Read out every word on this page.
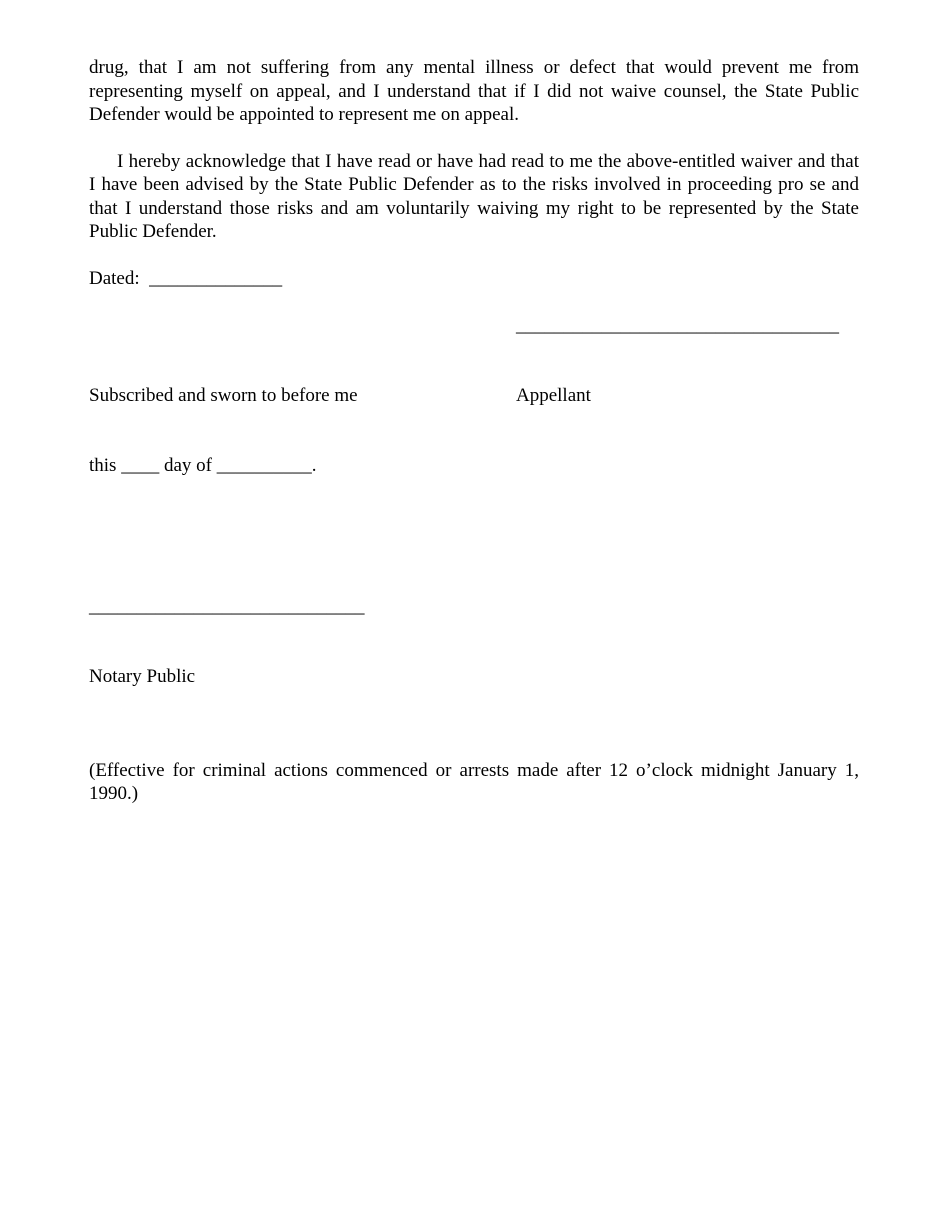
drug, that I am not suffering from any mental illness or defect that would prevent me from representing myself on appeal, and I understand that if I did not waive counsel, the State Public Defender would be appointed to represent me on appeal.

I hereby acknowledge that I have read or have had read to me the above-entitled waiver and that I have been advised by the State Public Defender as to the risks involved in proceeding pro se and that I understand those risks and am voluntarily waiving my right to be represented by the State Public Defender.

Dated:  ______________

__________________________________

Appellant

Subscribed and sworn to before me

this ____ day of __________.

_____________________________

Notary Public

(Effective for criminal actions commenced or arrests made after 12 o’clock midnight January 1, 1990.)
